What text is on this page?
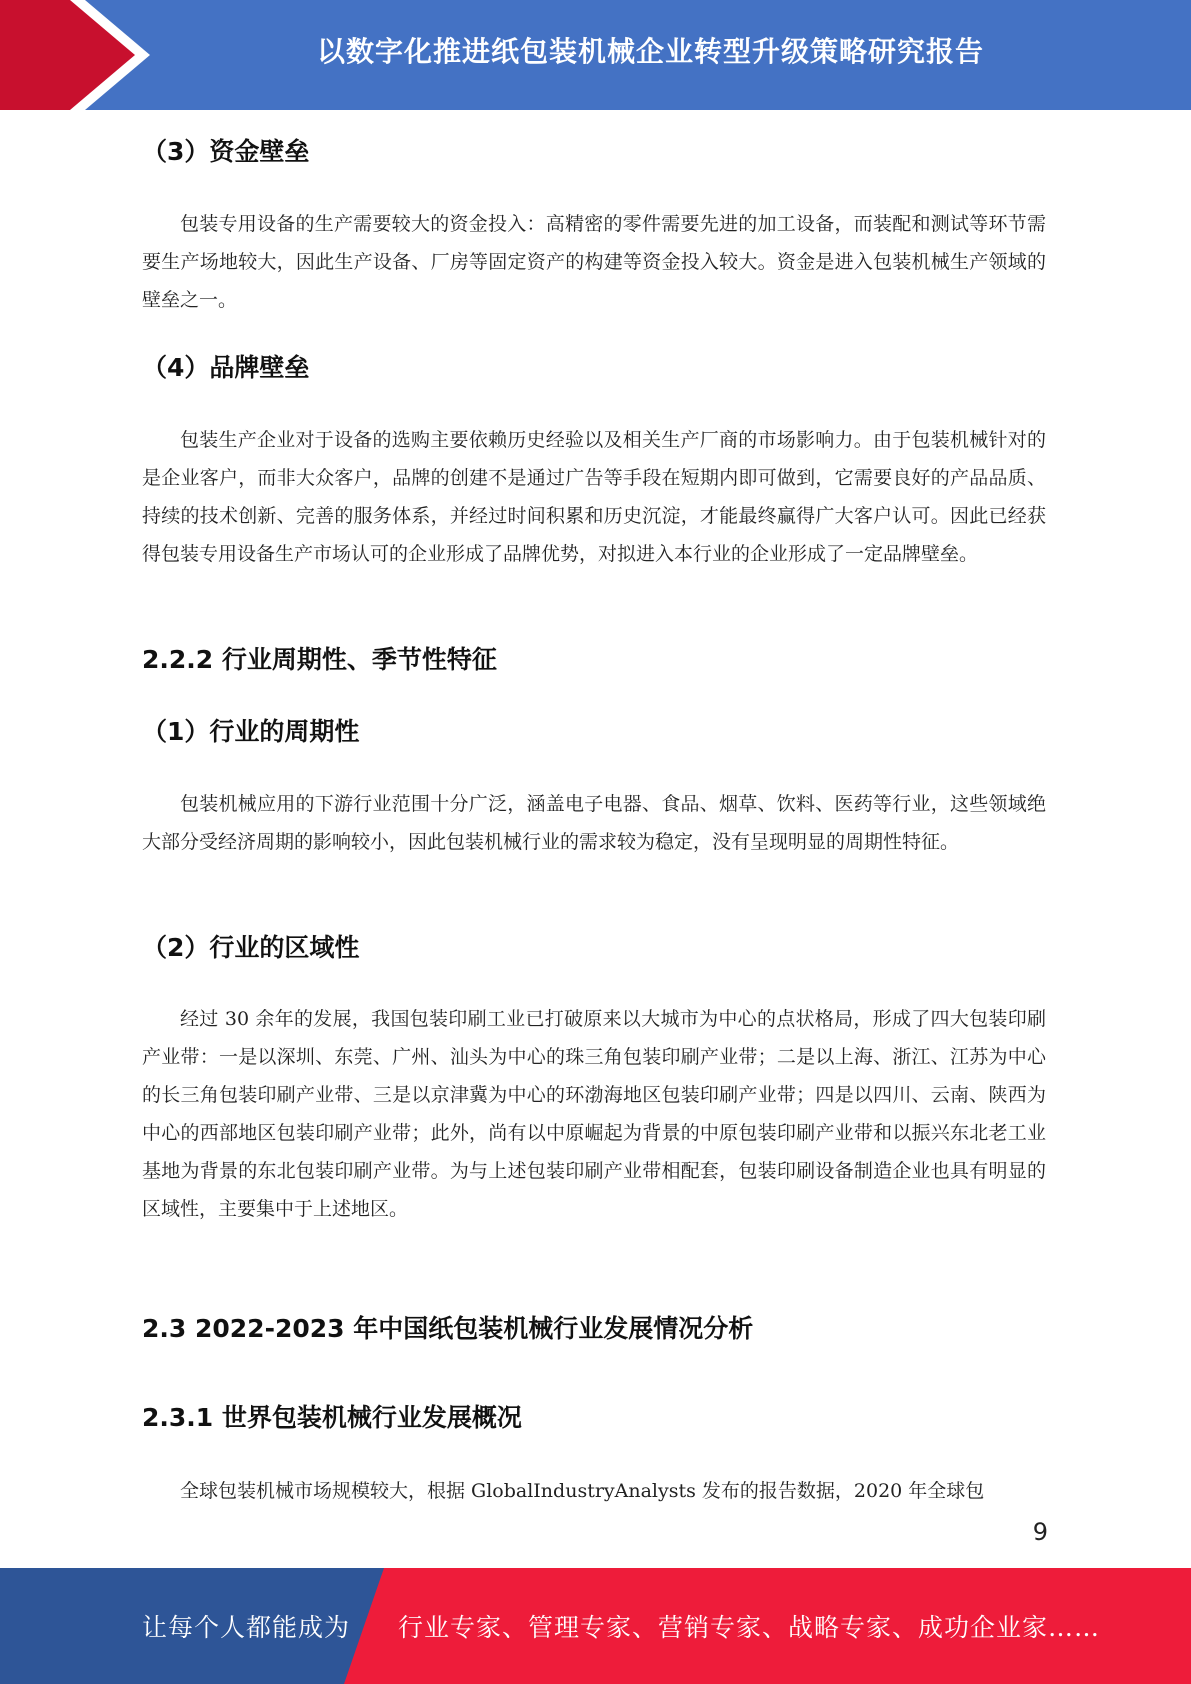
以数字化推进纸包装机械企业转型升级策略研究报告
（3）资金壁垒
包装专用设备的生产需要较大的资金投入：高精密的零件需要先进的加工设备，而装配和测试等环节需要生产场地较大，因此生产设备、厂房等固定资产的构建等资金投入较大。资金是进入包装机械生产领域的壁垒之一。
（4）品牌壁垒
包装生产企业对于设备的选购主要依赖历史经验以及相关生产厂商的市场影响力。由于包装机械针对的是企业客户，而非大众客户，品牌的创建不是通过广告等手段在短期内即可做到，它需要良好的产品品质、持续的技术创新、完善的服务体系，并经过时间积累和历史沉淀，才能最终赢得广大客户认可。因此已经获得包装专用设备生产市场认可的企业形成了品牌优势，对拟进入本行业的企业形成了一定品牌壁垒。
2.2.2 行业周期性、季节性特征
（1）行业的周期性
包装机械应用的下游行业范围十分广泛，涵盖电子电器、食品、烟草、饮料、医药等行业，这些领域绝大部分受经济周期的影响较小，因此包装机械行业的需求较为稳定，没有呈现明显的周期性特征。
（2）行业的区域性
经过 30 余年的发展，我国包装印刷工业已打破原来以大城市为中心的点状格局，形成了四大包装印刷产业带：一是以深圳、东莞、广州、汕头为中心的珠三角包装印刷产业带；二是以上海、浙江、江苏为中心的长三角包装印刷产业带、三是以京津冀为中心的环渤海地区包装印刷产业带；四是以四川、云南、陕西为中心的西部地区包装印刷产业带；此外，尚有以中原崛起为背景的中原包装印刷产业带和以振兴东北老工业基地为背景的东北包装印刷产业带。为与上述包装印刷产业带相配套，包装印刷设备制造企业也具有明显的区域性，主要集中于上述地区。
2.3 2022-2023 年中国纸包装机械行业发展情况分析
2.3.1 世界包装机械行业发展概况
全球包装机械市场规模较大，根据 GlobalIndustryAnalysts 发布的报告数据，2020 年全球包
9
让每个人都能成为 行业专家、管理专家、营销专家、战略专家、成功企业家……
